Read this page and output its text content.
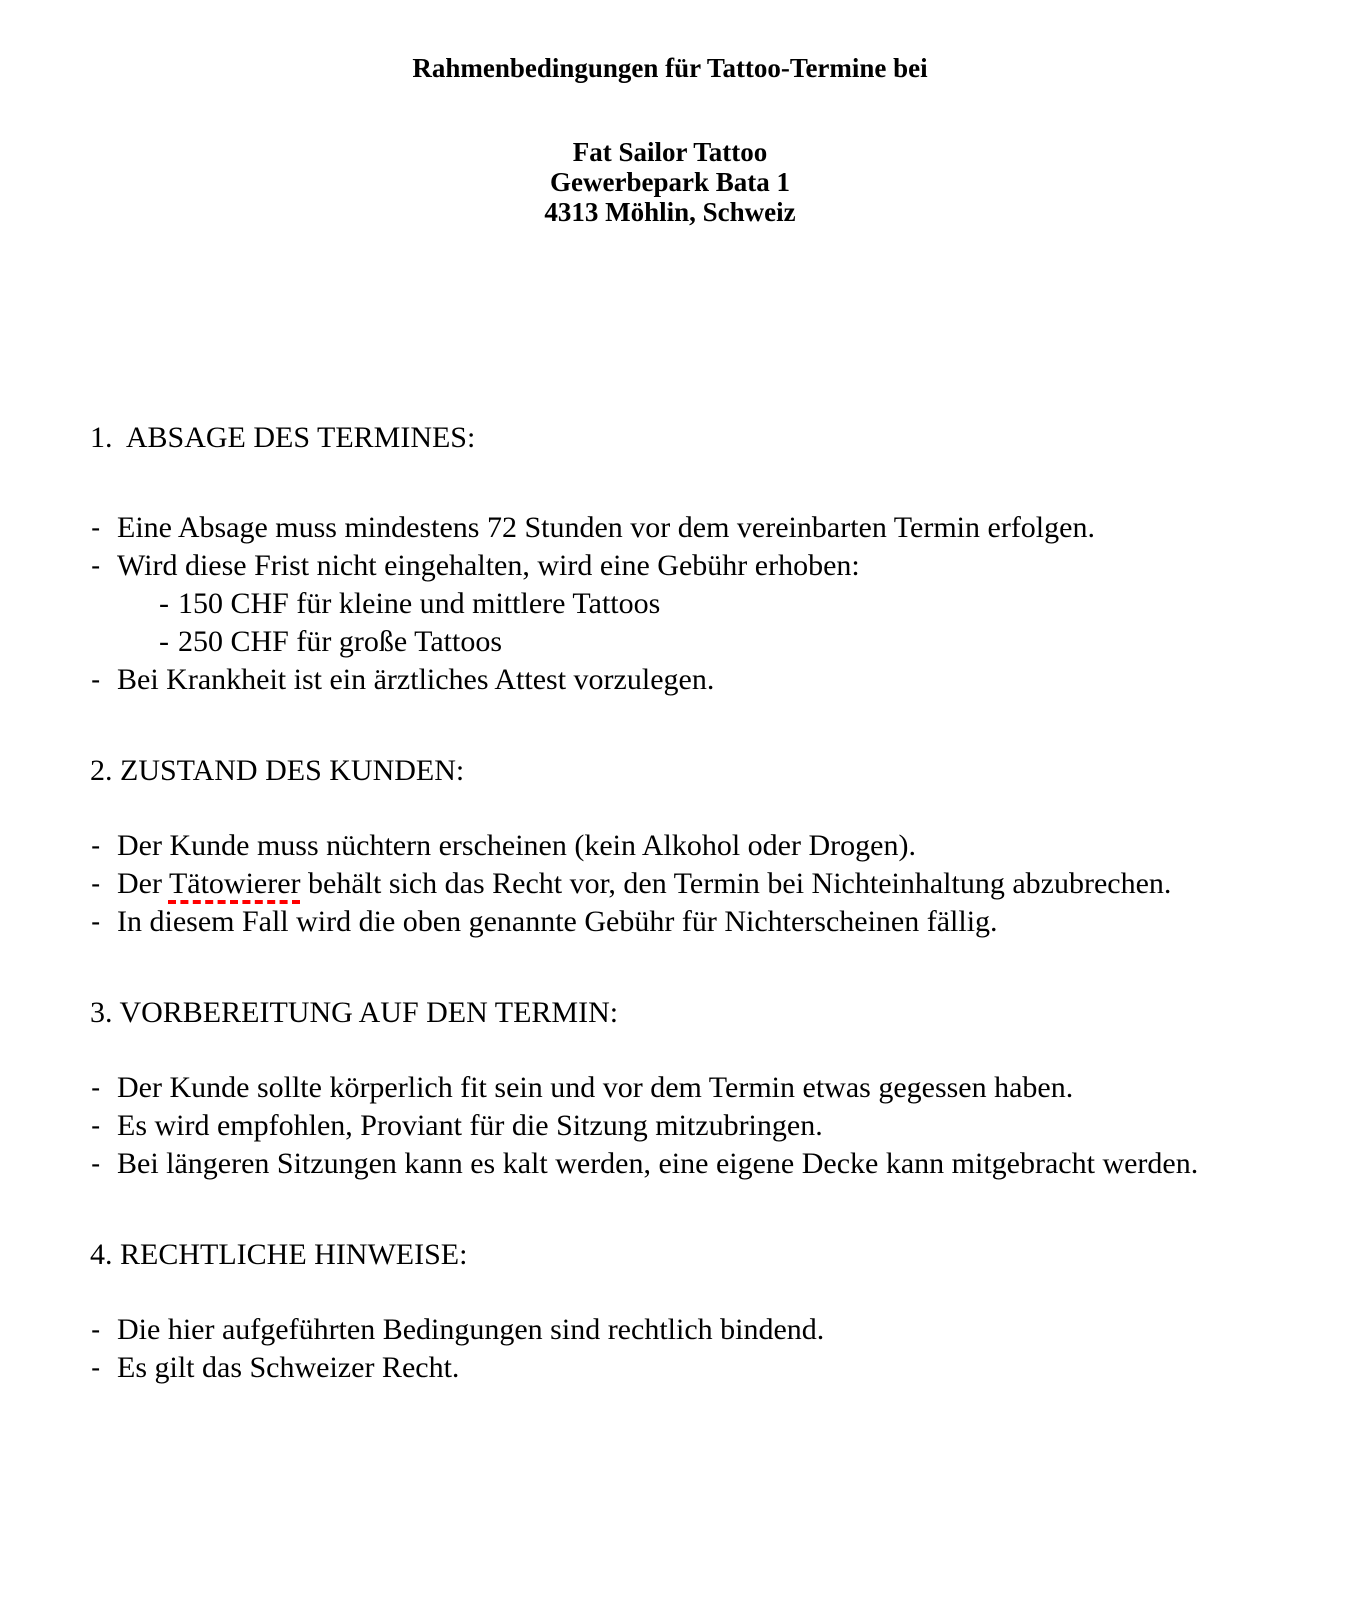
Rahmenbedingungen für Tattoo-Termine bei
Fat Sailor Tattoo
Gewerbepark Bata 1
4313 Möhlin, Schweiz
1.  ABSAGE DES TERMINES:
- Eine Absage muss mindestens 72 Stunden vor dem vereinbarten Termin erfolgen.
- Wird diese Frist nicht eingehalten, wird eine Gebühr erhoben:
- 150 CHF für kleine und mittlere Tattoos
- 250 CHF für große Tattoos
- Bei Krankheit ist ein ärztliches Attest vorzulegen.
2. ZUSTAND DES KUNDEN:
- Der Kunde muss nüchtern erscheinen (kein Alkohol oder Drogen).
- Der Tätowierer behält sich das Recht vor, den Termin bei Nichteinhaltung abzubrechen.
- In diesem Fall wird die oben genannte Gebühr für Nichterscheinen fällig.
3. VORBEREITUNG AUF DEN TERMIN:
- Der Kunde sollte körperlich fit sein und vor dem Termin etwas gegessen haben.
- Es wird empfohlen, Proviant für die Sitzung mitzubringen.
- Bei längeren Sitzungen kann es kalt werden, eine eigene Decke kann mitgebracht werden.
4. RECHTLICHE HINWEISE:
- Die hier aufgeführten Bedingungen sind rechtlich bindend.
- Es gilt das Schweizer Recht.
